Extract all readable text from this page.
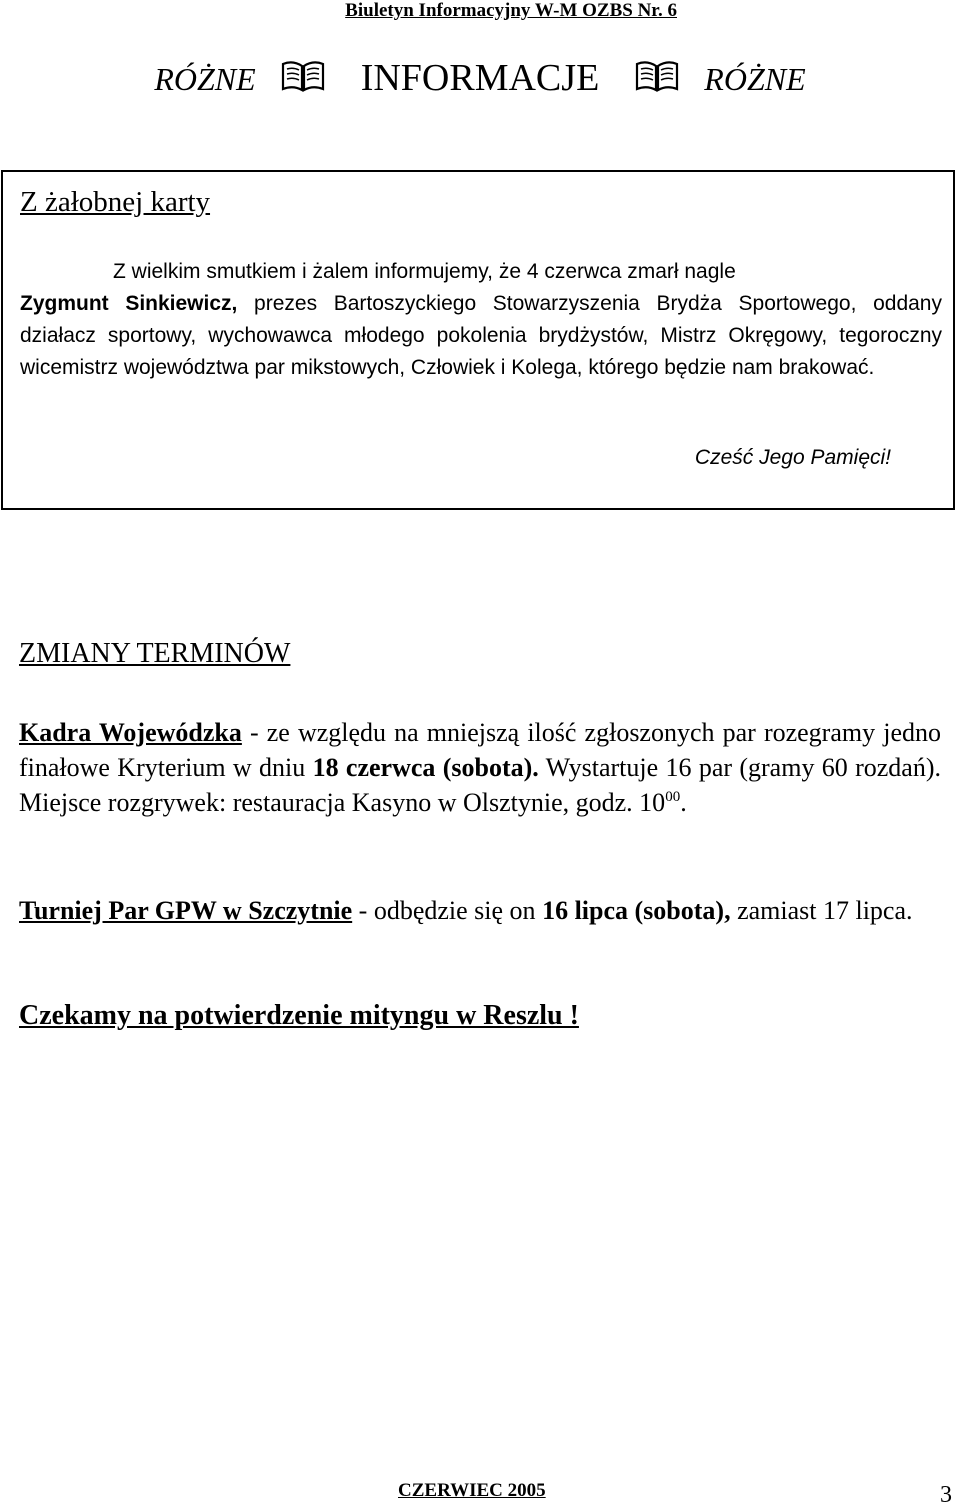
Biuletyn Informacyjny W-M OZBS Nr. 6
RÓŻNE	INFORMACJE	RÓŻNE
Z żałobnej karty

Z wielkim smutkiem i żalem informujemy, że 4 czerwca zmarł nagle
Zygmunt Sinkiewicz, prezes Bartoszyckiego Stowarzyszenia Brydża Sportowego, oddany działacz sportowy, wychowawca młodego pokolenia brydżystów, Mistrz Okręgowy, tegoroczny wicemistrz województwa par mikstowych, Człowiek i Kolega, którego będzie nam brakować.

Cześć Jego Pamięci!
ZMIANY TERMINÓW

Kadra Wojewódzka - ze względu na mniejszą ilość zgłoszonych par rozegramy jedno finałowe Kryterium w dniu 18 czerwca (sobota). Wystartuje 16 par (gramy 60 rozdań). Miejsce rozgrywek: restauracja Kasyno w Olsztynie, godz. $10^{00}$.

Turniej Par GPW w Szczytnie - odbędzie się on 16 lipca (sobota), zamiast 17 lipca.

Czekamy na potwierdzenie mityngu w Reszlu !

CZERWIEC 2005	3
